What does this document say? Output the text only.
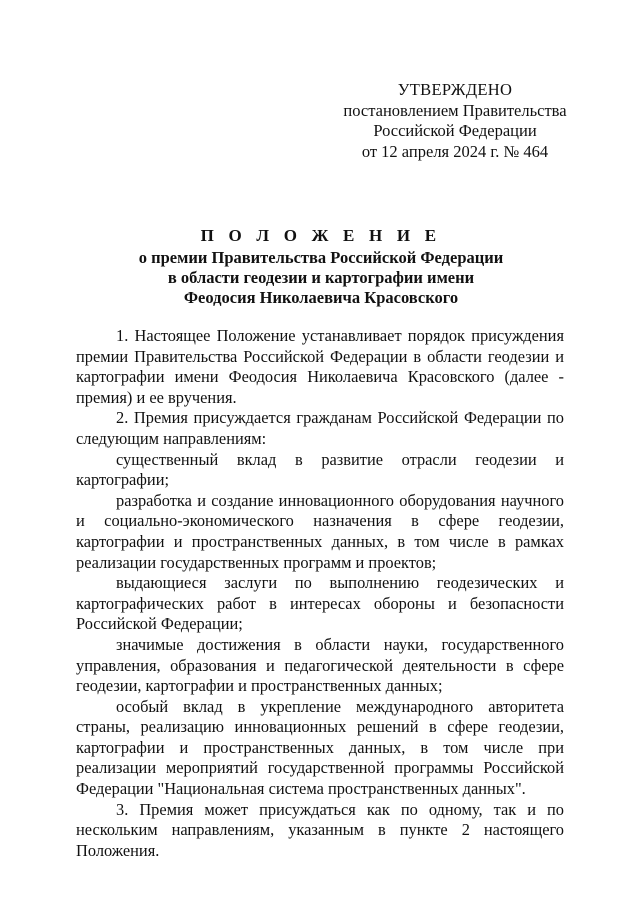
УТВЕРЖДЕНО
постановлением Правительства
Российской Федерации
от 12 апреля 2024 г. № 464
П О Л О Ж Е Н И Е
о премии Правительства Российской Федерации
в области геодезии и картографии имени
Феодосия Николаевича Красовского

1. Настоящее Положение устанавливает порядок присуждения премии Правительства Российской Федерации в области геодезии и картографии имени Феодосия Николаевича Красовского (далее - премия) и ее вручения.

2. Премия присуждается гражданам Российской Федерации по следующим направлениям:

существенный вклад в развитие отрасли геодезии и картографии;

разработка и создание инновационного оборудования научного и социально-экономического назначения в сфере геодезии, картографии и пространственных данных, в том числе в рамках реализации государственных программ и проектов;

выдающиеся заслуги по выполнению геодезических и картографических работ в интересах обороны и безопасности Российской Федерации;

значимые достижения в области науки, государственного управления, образования и педагогической деятельности в сфере геодезии, картографии и пространственных данных;

особый вклад в укрепление международного авторитета страны, реализацию инновационных решений в сфере геодезии, картографии и пространственных данных, в том числе при реализации мероприятий государственной программы Российской Федерации "Национальная система пространственных данных".

3. Премия может присуждаться как по одному, так и по нескольким направлениям, указанным в пункте 2 настоящего Положения.
